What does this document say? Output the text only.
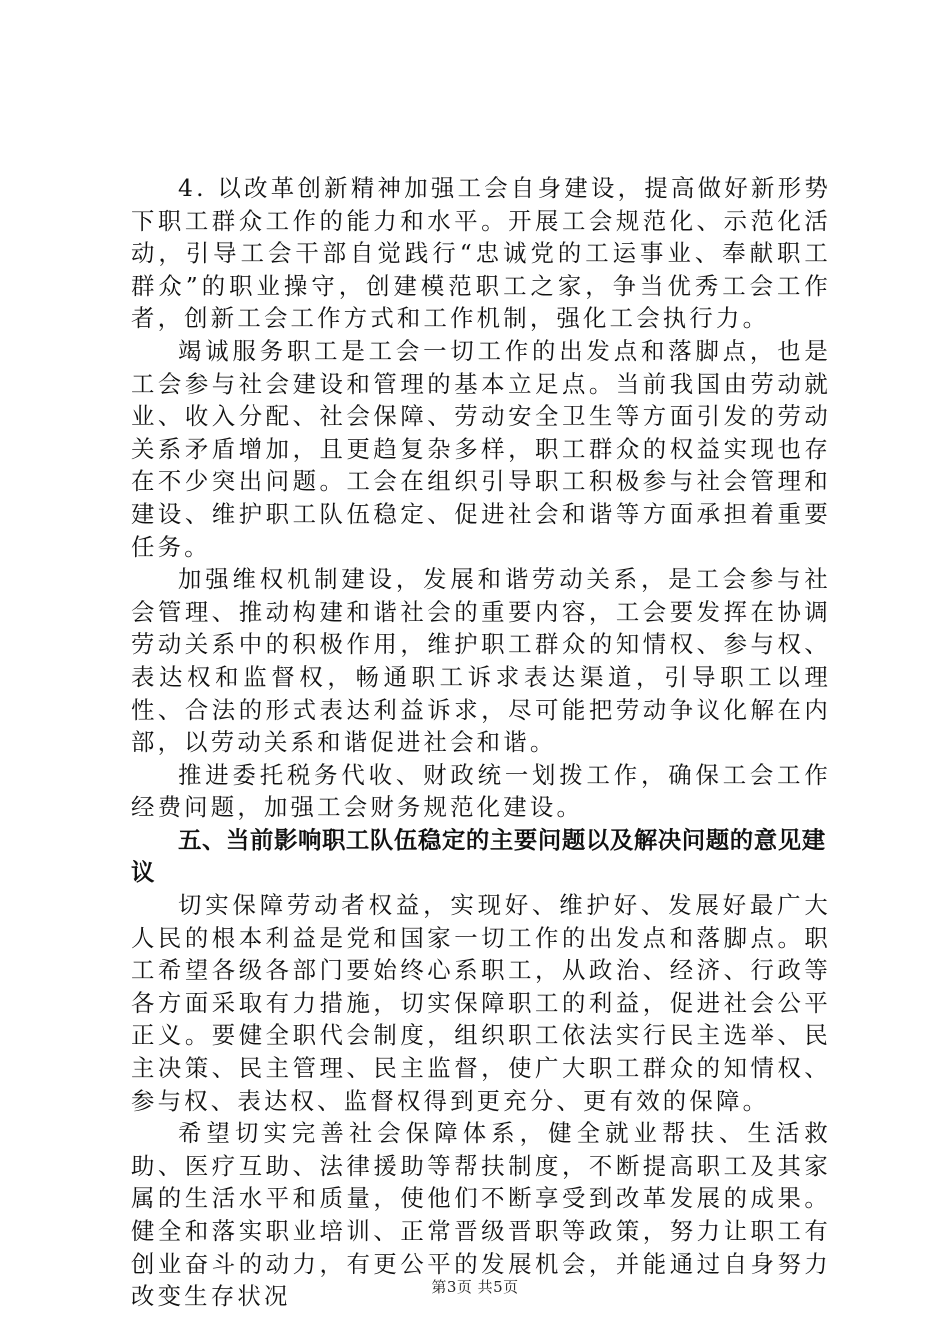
4. 以改革创新精神加强工会自身建设，提高做好新形势下职工群众工作的能力和水平。开展工会规范化、示范化活动，引导工会干部自觉践行“忠诚党的工运事业、奉献职工群众”的职业操守，创建模范职工之家，争当优秀工会工作者，创新工会工作方式和工作机制，强化工会执行力。

竭诚服务职工是工会一切工作的出发点和落脚点，也是工会参与社会建设和管理的基本立足点。当前我国由劳动就业、收入分配、社会保障、劳动安全卫生等方面引发的劳动关系矛盾增加，且更趋复杂多样，职工群众的权益实现也存在不少突出问题。工会在组织引导职工积极参与社会管理和建设、维护职工队伍稳定、促进社会和谐等方面承担着重要任务。

加强维权机制建设，发展和谐劳动关系，是工会参与社会管理、推动构建和谐社会的重要内容，工会要发挥在协调劳动关系中的积极作用，维护职工群众的知情权、参与权、表达权和监督权，畅通职工诉求表达渠道，引导职工以理性、合法的形式表达利益诉求，尽可能把劳动争议化解在内部，以劳动关系和谐促进社会和谐。

推进委托税务代收、财政统一划拨工作，确保工会工作经费问题，加强工会财务规范化建设。

五、当前影响职工队伍稳定的主要问题以及解决问题的意见建议

切实保障劳动者权益，实现好、维护好、发展好最广大人民的根本利益是党和国家一切工作的出发点和落脚点。职工希望各级各部门要始终心系职工，从政治、经济、行政等各方面采取有力措施，切实保障职工的利益，促进社会公平正义。要健全职代会制度，组织职工依法实行民主选举、民主决策、民主管理、民主监督，使广大职工群众的知情权、参与权、表达权、监督权得到更充分、更有效的保障。

希望切实完善社会保障体系，健全就业帮扶、生活救助、医疗互助、法律援助等帮扶制度，不断提高职工及其家属的生活水平和质量，使他们不断享受到改革发展的成果。健全和落实职业培训、正常晋级晋职等政策，努力让职工有创业奋斗的动力，有更公平的发展机会，并能通过自身努力改变生存状况	第3页 共5页
